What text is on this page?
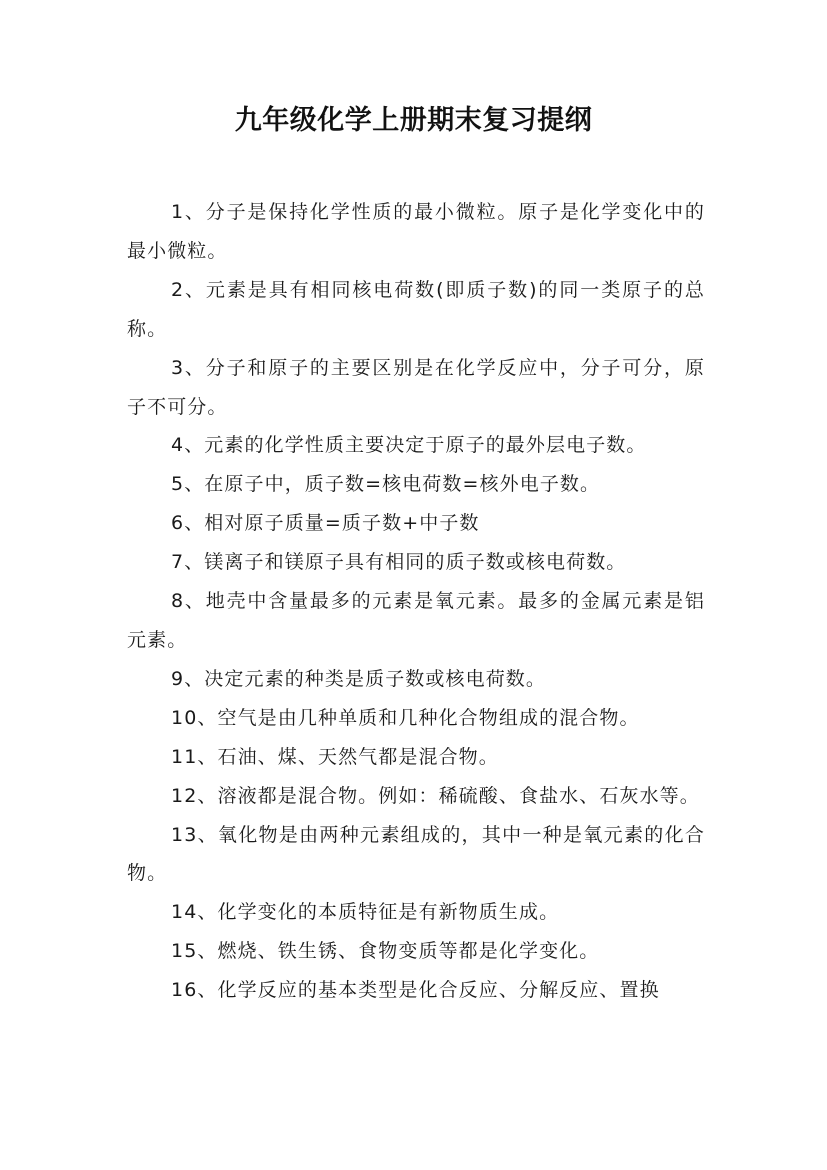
九年级化学上册期末复习提纲

1、分子是保持化学性质的最小微粒。原子是化学变化中的最小微粒。

2、元素是具有相同核电荷数(即质子数)的同一类原子的总称。

3、分子和原子的主要区别是在化学反应中，分子可分，原子不可分。

4、元素的化学性质主要决定于原子的最外层电子数。

5、在原子中，质子数=核电荷数=核外电子数。

6、相对原子质量=质子数+中子数

7、镁离子和镁原子具有相同的质子数或核电荷数。

8、地壳中含量最多的元素是氧元素。最多的金属元素是铝元素。

9、决定元素的种类是质子数或核电荷数。

10、空气是由几种单质和几种化合物组成的混合物。

11、石油、煤、天然气都是混合物。

12、溶液都是混合物。例如：稀硫酸、食盐水、石灰水等。

13、氧化物是由两种元素组成的，其中一种是氧元素的化合物。

14、化学变化的本质特征是有新物质生成。

15、燃烧、铁生锈、食物变质等都是化学变化。

16、化学反应的基本类型是化合反应、分解反应、置换
